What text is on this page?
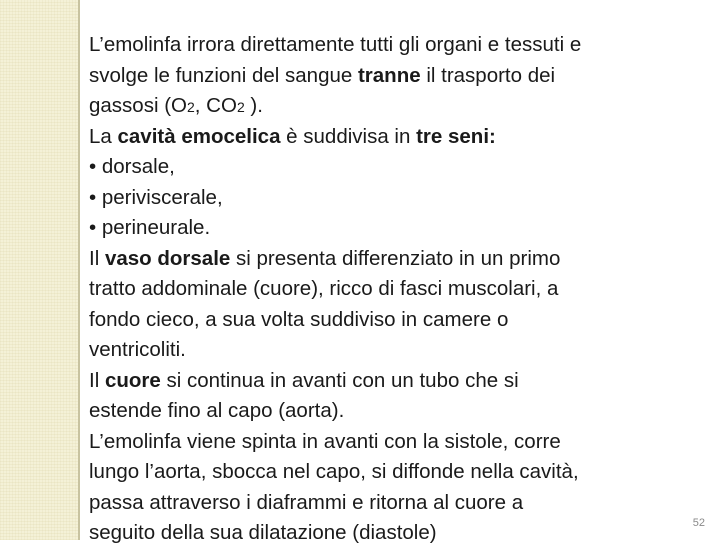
L’emolinfa irrora direttamente tutti gli organi e tessuti e
svolge le funzioni del sangue tranne il trasporto dei
gassosi (O2, CO2 ).
La cavità emocelica è suddivisa in tre seni:
• dorsale,
• periviscerale,
• perineurale.
Il vaso dorsale si presenta differenziato in un primo
tratto addominale (cuore), ricco di fasci muscolari, a
fondo cieco, a sua volta suddiviso in camere o
ventricoliti.
Il cuore si continua in avanti con un tubo che si
estende fino al capo (aorta).
L’emolinfa viene spinta in avanti con la sistole, corre
lungo l’aorta, sbocca nel capo, si diffonde nella cavità,
passa attraverso i diaframmi e ritorna al cuore a
seguito della sua dilatazione (diastole)	52
